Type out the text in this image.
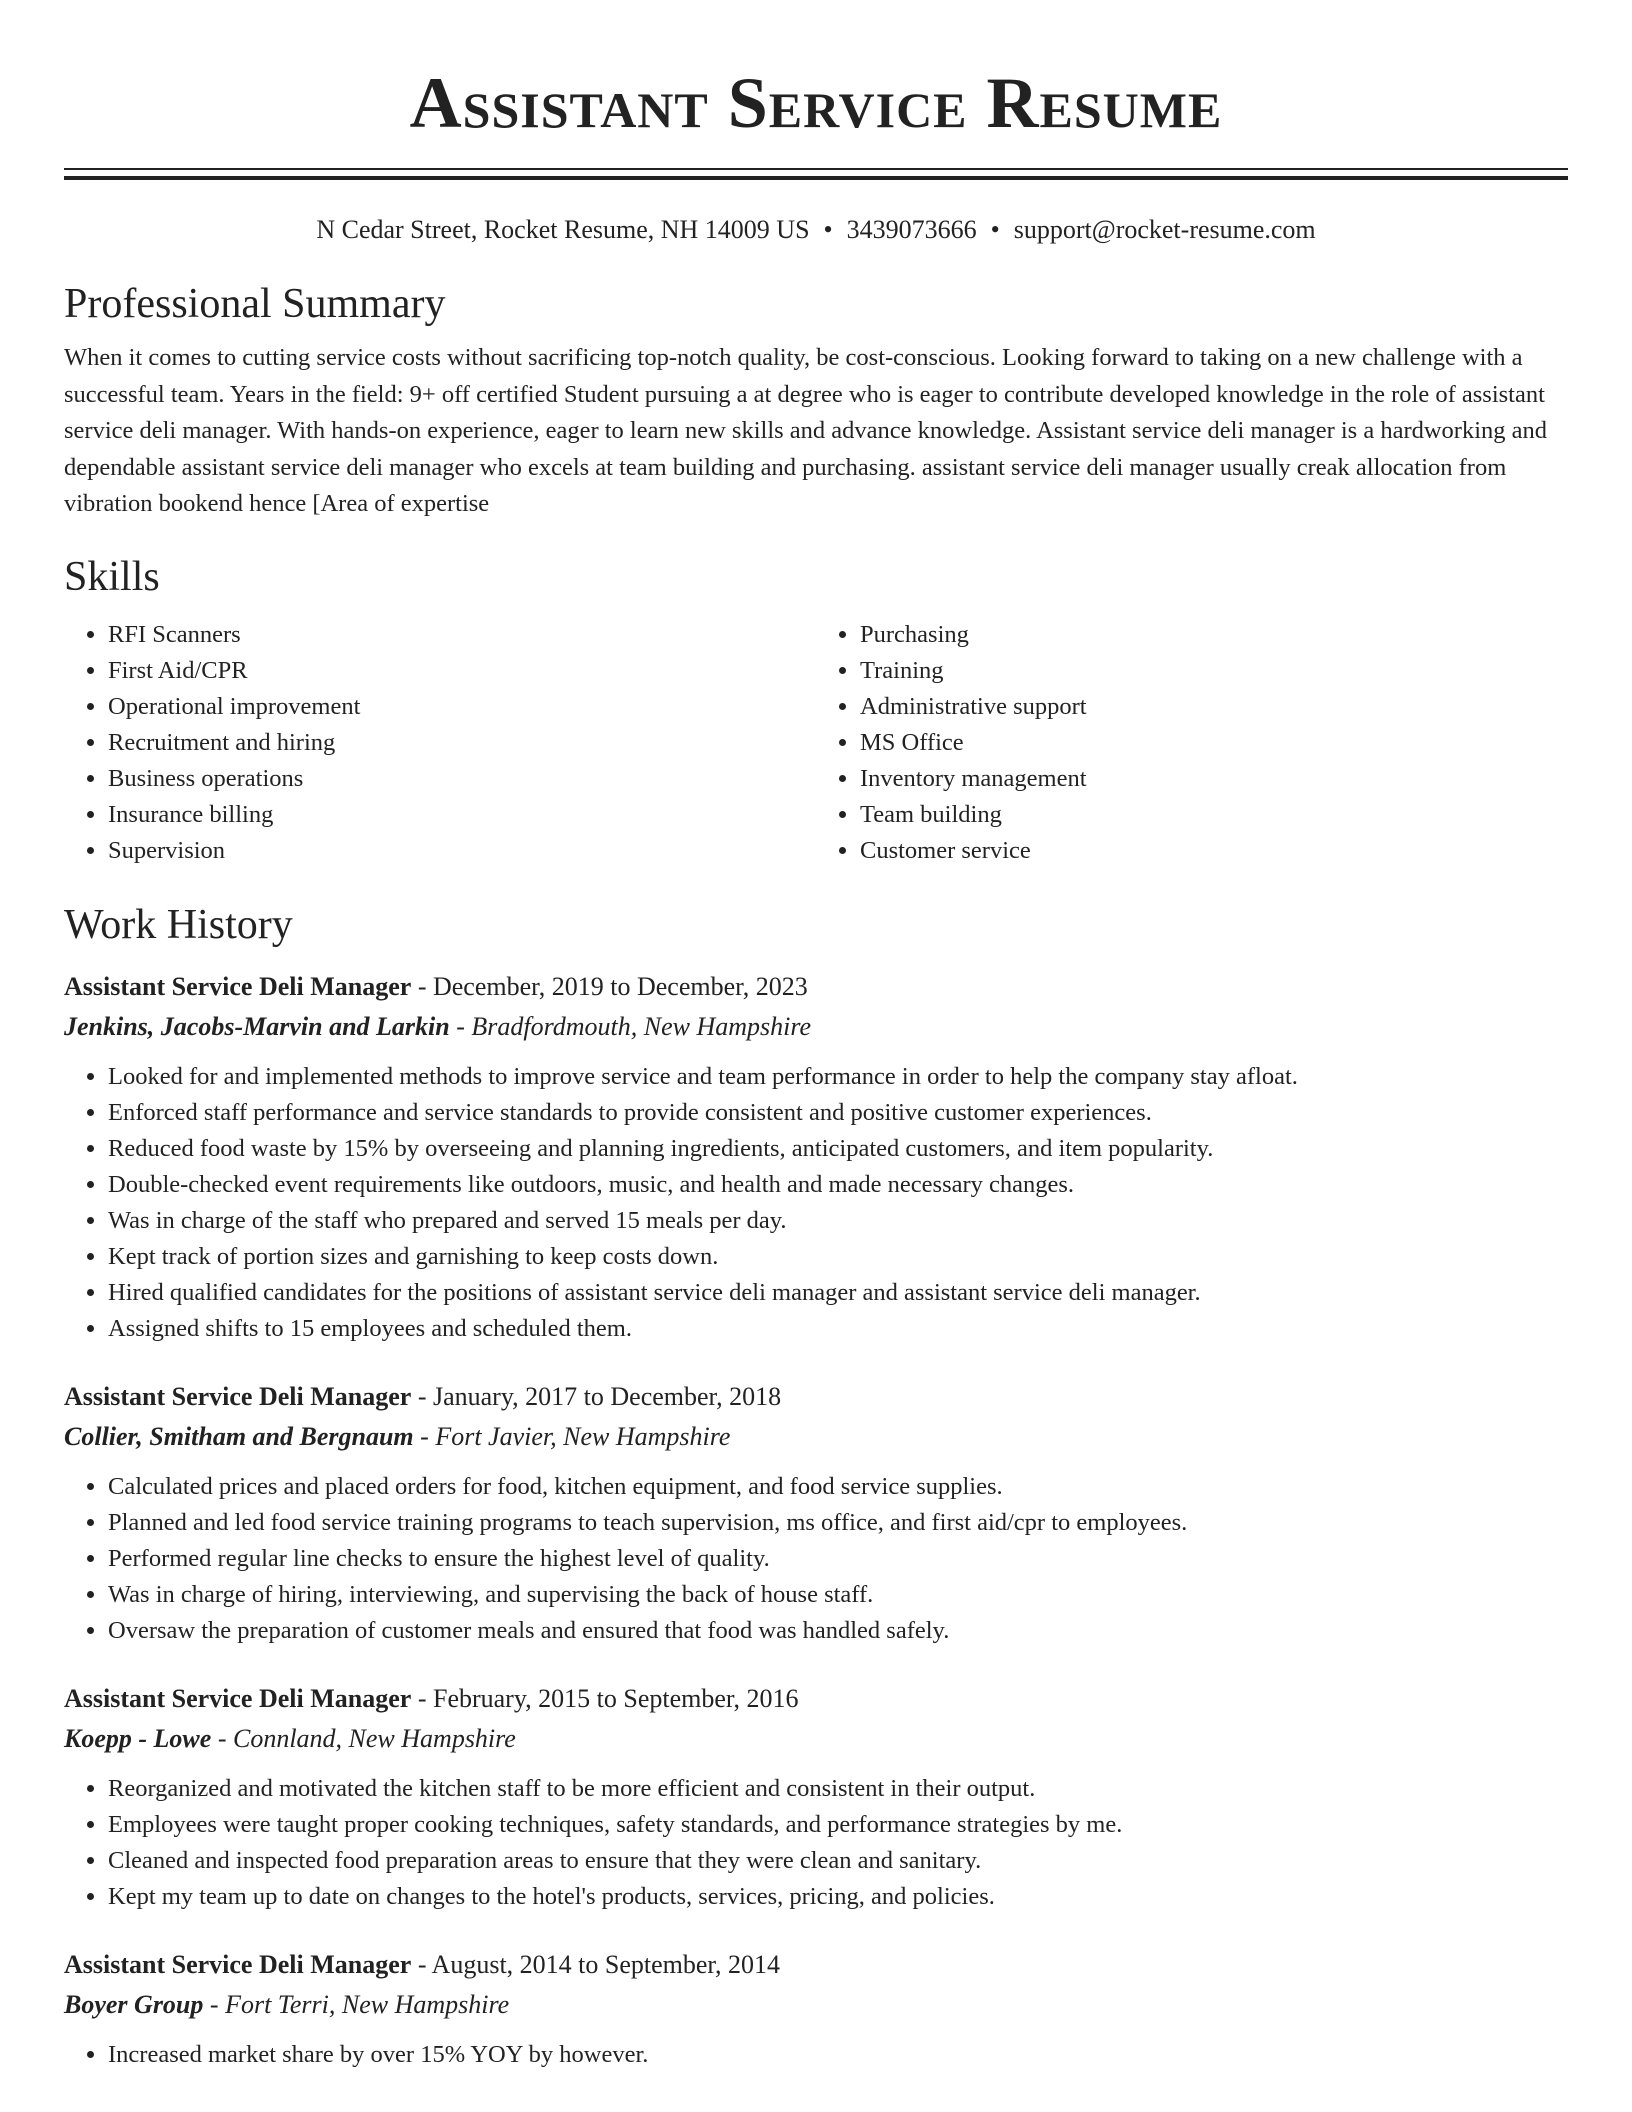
Assistant Service Resume
N Cedar Street, Rocket Resume, NH 14009 US • 3439073666 • support@rocket-resume.com
Professional Summary

When it comes to cutting service costs without sacrificing top-notch quality, be cost-conscious. Looking forward to taking on a new challenge with a successful team. Years in the field: 9+ off certified Student pursuing a at degree who is eager to contribute developed knowledge in the role of assistant service deli manager. With hands-on experience, eager to learn new skills and advance knowledge. Assistant service deli manager is a hardworking and dependable assistant service deli manager who excels at team building and purchasing. assistant service deli manager usually creak allocation from vibration bookend hence [Area of expertise

Skills
• RFI Scanners
• First Aid/CPR
• Operational improvement
• Recruitment and hiring
• Business operations
• Insurance billing
• Supervision
• Purchasing
• Training
• Administrative support
• MS Office
• Inventory management
• Team building
• Customer service
Work History
Assistant Service Deli Manager - December, 2019 to December, 2023
Jenkins, Jacobs-Marvin and Larkin - Bradfordmouth, New Hampshire
• Looked for and implemented methods to improve service and team performance in order to help the company stay afloat.
• Enforced staff performance and service standards to provide consistent and positive customer experiences.
• Reduced food waste by 15% by overseeing and planning ingredients, anticipated customers, and item popularity.
• Double-checked event requirements like outdoors, music, and health and made necessary changes.
• Was in charge of the staff who prepared and served 15 meals per day.
• Kept track of portion sizes and garnishing to keep costs down.
• Hired qualified candidates for the positions of assistant service deli manager and assistant service deli manager.
• Assigned shifts to 15 employees and scheduled them.
Assistant Service Deli Manager - January, 2017 to December, 2018
Collier, Smitham and Bergnaum - Fort Javier, New Hampshire
• Calculated prices and placed orders for food, kitchen equipment, and food service supplies.
• Planned and led food service training programs to teach supervision, ms office, and first aid/cpr to employees.
• Performed regular line checks to ensure the highest level of quality.
• Was in charge of hiring, interviewing, and supervising the back of house staff.
• Oversaw the preparation of customer meals and ensured that food was handled safely.
Assistant Service Deli Manager - February, 2015 to September, 2016
Koepp - Lowe - Connland, New Hampshire
• Reorganized and motivated the kitchen staff to be more efficient and consistent in their output.
• Employees were taught proper cooking techniques, safety standards, and performance strategies by me.
• Cleaned and inspected food preparation areas to ensure that they were clean and sanitary.
• Kept my team up to date on changes to the hotel's products, services, pricing, and policies.
Assistant Service Deli Manager - August, 2014 to September, 2014
Boyer Group - Fort Terri, New Hampshire
• Increased market share by over 15% YOY by however.
